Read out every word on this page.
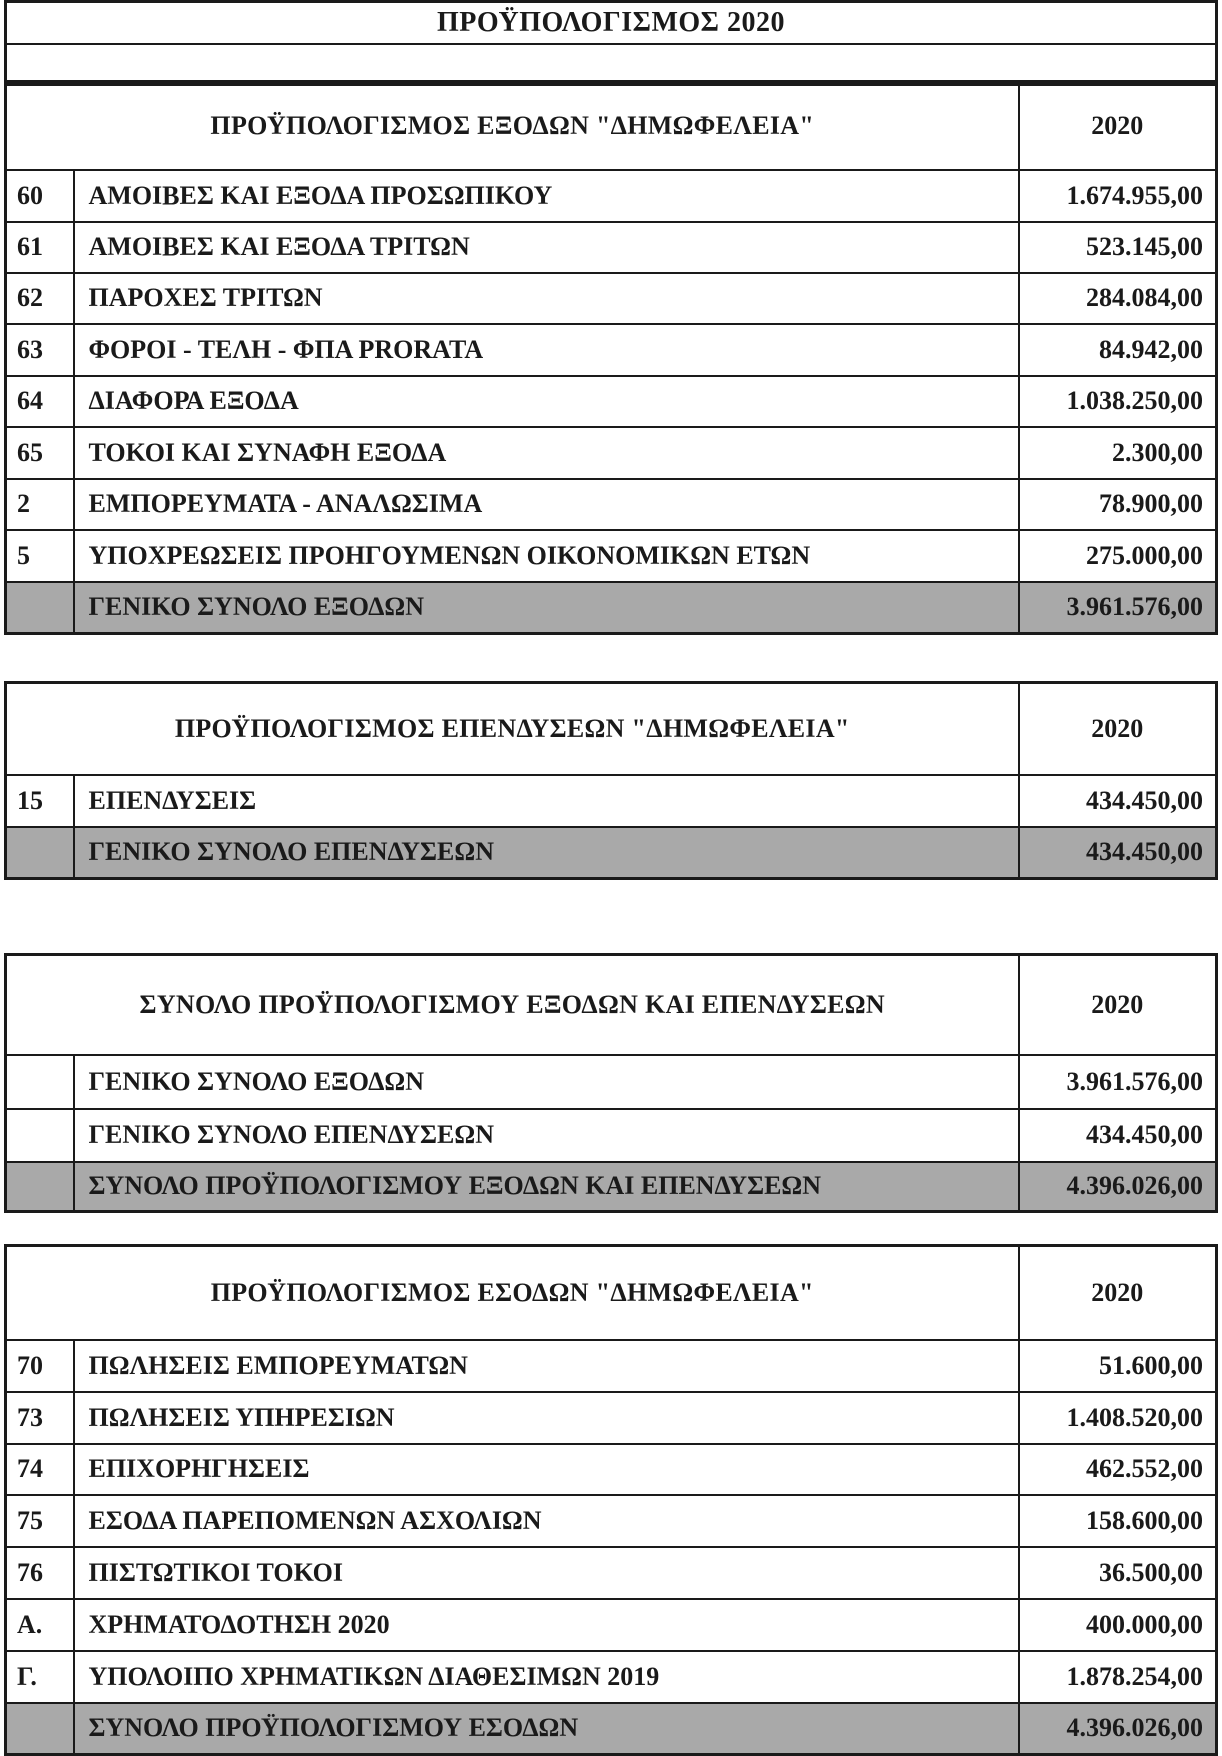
ΠΡΟΫΠΟΛΟΓΙΣΜΟΣ 2020
ΠΡΟΫΠΟΛΟΓΙΣΜΟΣ ΕΞΟΔΩΝ "ΔΗΜΩΦΕΛΕΙΑ"		2020
60	ΑΜΟΙΒΕΣ ΚΑΙ ΕΞΟΔΑ ΠΡΟΣΩΠΙΚΟΥ	1.674.955,00
61	ΑΜΟΙΒΕΣ ΚΑΙ ΕΞΟΔΑ ΤΡΙΤΩΝ	523.145,00
62	ΠΑΡΟΧΕΣ ΤΡΙΤΩΝ	284.084,00
63	ΦΟΡΟΙ - ΤΕΛΗ - ΦΠΑ PRORATA	84.942,00
64	ΔΙΑΦΟΡΑ ΕΞΟΔΑ	1.038.250,00
65	ΤΟΚΟΙ ΚΑΙ ΣΥΝΑΦΗ ΕΞΟΔΑ	2.300,00
2	ΕΜΠΟΡΕΥΜΑΤΑ - ΑΝΑΛΩΣΙΜΑ	78.900,00
5	ΥΠΟΧΡΕΩΣΕΙΣ ΠΡΟΗΓΟΥΜΕΝΩΝ ΟΙΚΟΝΟΜΙΚΩΝ ΕΤΩΝ	275.000,00
	ΓΕΝΙΚΟ ΣΥΝΟΛΟ ΕΞΟΔΩΝ	3.961.576,00
ΠΡΟΫΠΟΛΟΓΙΣΜΟΣ ΕΠΕΝΔΥΣΕΩΝ "ΔΗΜΩΦΕΛΕΙΑ"		2020
15	ΕΠΕΝΔΥΣΕΙΣ	434.450,00
	ΓΕΝΙΚΟ ΣΥΝΟΛΟ ΕΠΕΝΔΥΣΕΩΝ	434.450,00
ΣΥΝΟΛΟ ΠΡΟΫΠΟΛΟΓΙΣΜΟΥ ΕΞΟΔΩΝ ΚΑΙ ΕΠΕΝΔΥΣΕΩΝ		2020
	ΓΕΝΙΚΟ ΣΥΝΟΛΟ ΕΞΟΔΩΝ	3.961.576,00
	ΓΕΝΙΚΟ ΣΥΝΟΛΟ ΕΠΕΝΔΥΣΕΩΝ	434.450,00
	ΣΥΝΟΛΟ ΠΡΟΫΠΟΛΟΓΙΣΜΟΥ ΕΞΟΔΩΝ ΚΑΙ ΕΠΕΝΔΥΣΕΩΝ	4.396.026,00
ΠΡΟΫΠΟΛΟΓΙΣΜΟΣ ΕΣΟΔΩΝ "ΔΗΜΩΦΕΛΕΙΑ"		2020
70	ΠΩΛΗΣΕΙΣ ΕΜΠΟΡΕΥΜΑΤΩΝ	51.600,00
73	ΠΩΛΗΣΕΙΣ ΥΠΗΡΕΣΙΩΝ	1.408.520,00
74	ΕΠΙΧΟΡΗΓΗΣΕΙΣ	462.552,00
75	ΕΣΟΔΑ ΠΑΡΕΠΟΜΕΝΩΝ ΑΣΧΟΛΙΩΝ	158.600,00
76	ΠΙΣΤΩΤΙΚΟΙ ΤΟΚΟΙ	36.500,00
Α.	ΧΡΗΜΑΤΟΔΟΤΗΣΗ 2020	400.000,00
Γ.	ΥΠΟΛΟΙΠΟ ΧΡΗΜΑΤΙΚΩΝ ΔΙΑΘΕΣΙΜΩΝ 2019	1.878.254,00
	ΣΥΝΟΛΟ ΠΡΟΫΠΟΛΟΓΙΣΜΟΥ ΕΣΟΔΩΝ	4.396.026,00
